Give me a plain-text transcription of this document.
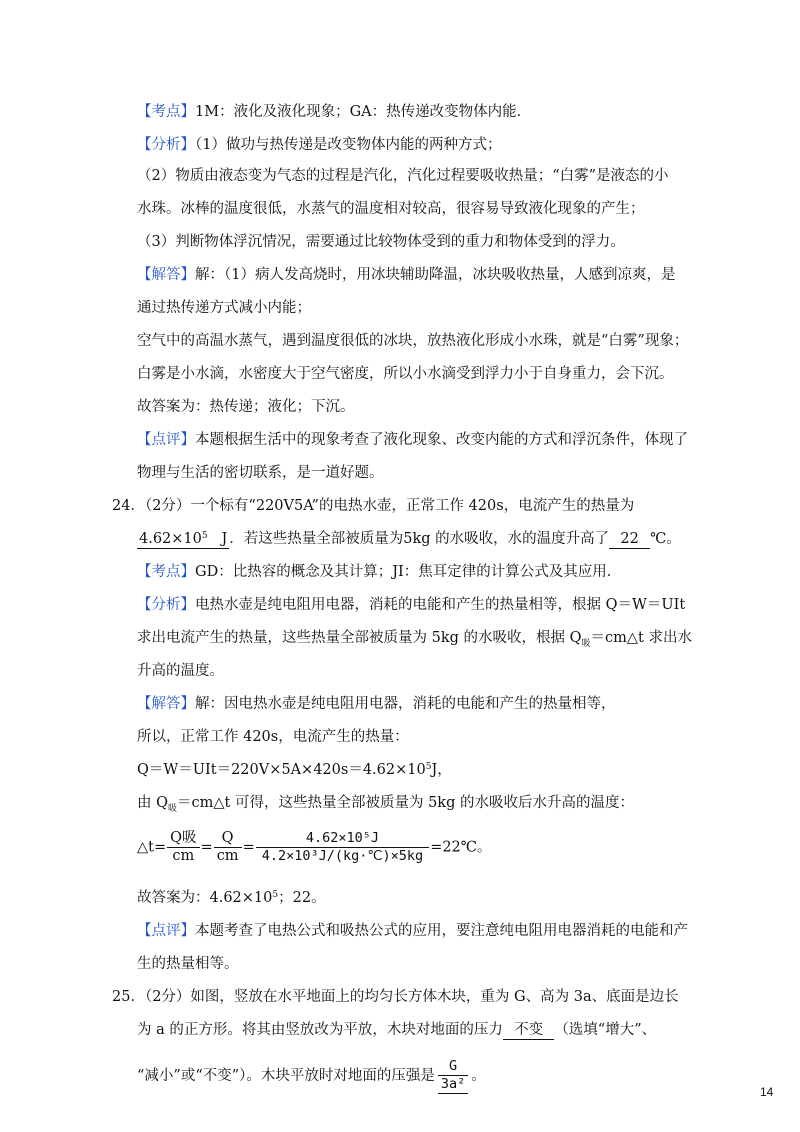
【考点】1M：液化及液化现象；GA：热传递改变物体内能．
【分析】（1）做功与热传递是改变物体内能的两种方式；
（2）物质由液态变为气态的过程是汽化，汽化过程要吸收热量；“白雾”是液态的小
水珠。冰棒的温度很低，水蒸气的温度相对较高，很容易导致液化现象的产生；
（3）判断物体浮沉情况，需要通过比较物体受到的重力和物体受到的浮力。
【解答】解：（1）病人发高烧时，用冰块辅助降温，冰块吸收热量，人感到凉爽，是
通过热传递方式减小内能；
空气中的高温水蒸气，遇到温度很低的冰块，放热液化形成小水珠，就是“白雾”现象；
白雾是小水滴，水密度大于空气密度，所以小水滴受到浮力小于自身重力，会下沉。
故答案为：热传递；液化；下沉。
【点评】本题根据生活中的现象考查了液化现象、改变内能的方式和浮沉条件，体现了
物理与生活的密切联系，是一道好题。
24．（2分）一个标有“220V5A”的电热水壶，正常工作 420s，电流产生的热量为
$4.62\times 10^5$ J ．若这些热量全部被质量为5kg 的水吸收，水的温度升高了 22 ℃。
【考点】GD：比热容的概念及其计算；JI：焦耳定律的计算公式及其应用．
【分析】电热水壶是纯电阻用电器，消耗的电能和产生的热量相等，根据 Q＝W＝UIt
求出电流产生的热量，这些热量全部被质量为 5kg 的水吸收，根据 $Q_吸=cm\triangle t$ 求出水
升高的温度。
【解答】解：因电热水壶是纯电阻用电器，消耗的电能和产生的热量相等，
所以，正常工作 420s，电流产生的热量：
$Q=W=UIt=220V\times 5A\times 420s=4.62\times 10^5J$，
由 $Q_吸=cm\triangle t$ 可得，这些热量全部被质量为 5kg 的水吸收后水升高的温度：
△t= $\frac{\text{Q吸}}{cm} = \frac{Q}{cm} = \frac{\text{4.62×10⁵J}}{\text{4.2×10³J/(kg·℃)×5kg}}$ =22℃。
故答案为：$4.62\times 10^5$；22。
【点评】本题考查了电热公式和吸热公式的应用，要注意纯电阻用电器消耗的电能和产
生的热量相等。
25．（2分）如图，竖放在水平地面上的均匀长方体木块，重为 G、高为 3a、底面是边长
为 a 的正方形。将其由竖放改为平放，木块对地面的压力 不变 （选填“增大”、
“减小”或“不变”）。木块平放时对地面的压强是 $\frac{G}{\text{3a²}}$ 。
14
